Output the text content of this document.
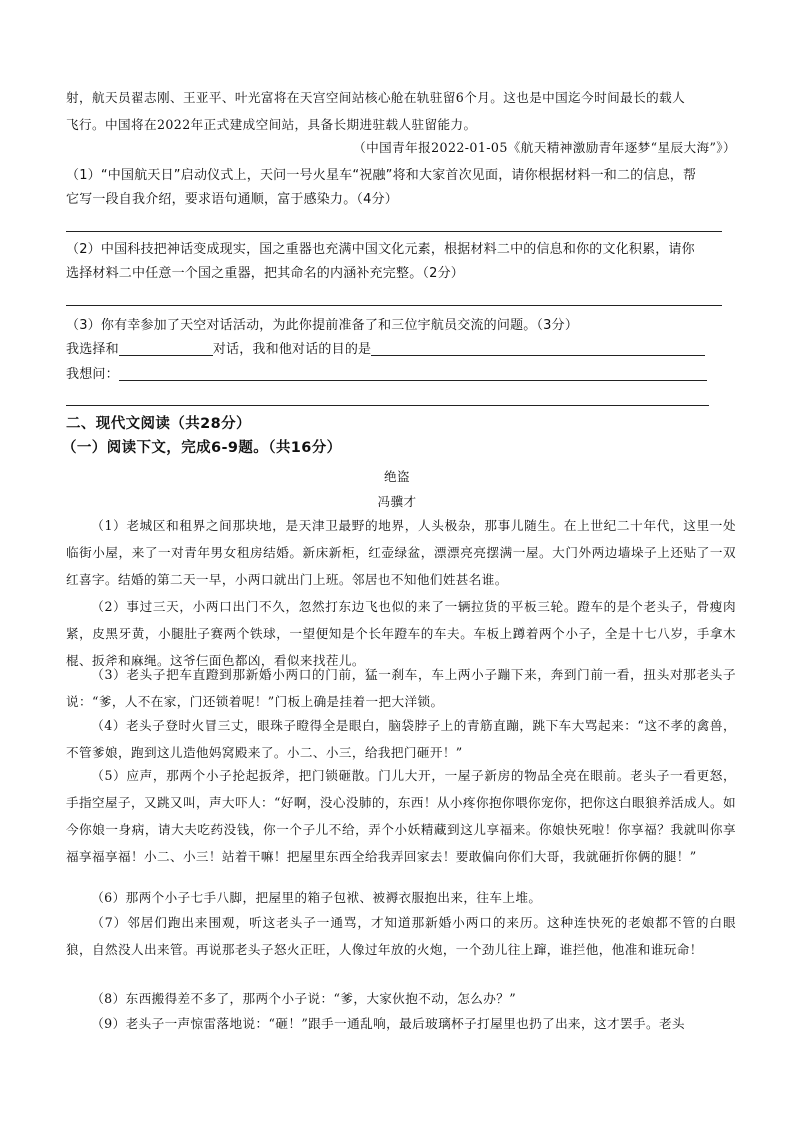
射，航天员翟志刚、王亚平、叶光富将在天宫空间站核心舱在轨驻留6个月。这也是中国迄今时间最长的载人

飞行。中国将在2022年正式建成空间站，具备长期进驻载人驻留能力。

（中国青年报2022-01-05《航天精神激励青年逐梦“星辰大海”》）

（1）“中国航天日”启动仪式上，天问一号火星车“祝融”将和大家首次见面，请你根据材料一和二的信息，帮

它写一段自我介绍，要求语句通顺，富于感染力。（4分）

（2）中国科技把神话变成现实，国之重器也充满中国文化元素，根据材料二中的信息和你的文化积累，请你

选择材料二中任意一个国之重器，把其命名的内涵补充完整。（2分）

（3）你有幸参加了天空对话活动，为此你提前准备了和三位宇航员交流的问题。（3分）

我选择和	对话，我和他对话的目的是

我想问：

二、现代文阅读（共28分）

（一）阅读下文，完成6-9题。（共16分）

绝盗

冯骥才

（1）老城区和租界之间那块地，是天津卫最野的地界，人头极杂，那事儿随生。在上世纪二十年代，这里一处临街小屋，来了一对青年男女租房结婚。新床新柜，红壶绿盆，漂漂亮亮摆满一屋。大门外两边墙垛子上还贴了一双红喜字。结婚的第二天一早，小两口就出门上班。邻居也不知他们姓甚名谁。

（2）事过三天，小两口出门不久，忽然打东边飞也似的来了一辆拉货的平板三轮。蹬车的是个老头子，骨瘦肉紧，皮黑牙黄，小腿肚子赛两个铁球，一望便知是个长年蹬车的车夫。车板上蹲着两个小子，全是十七八岁，手拿木棍、扳斧和麻绳。这爷仨面色都凶，看似来找茬儿。

（3）老头子把车直蹬到那新婚小两口的门前，猛一刹车，车上两小子蹦下来，奔到门前一看，扭头对那老头子说：“爹，人不在家，门还锁着呢！”门板上确是挂着一把大洋锁。

（4）老头子登时火冒三丈，眼珠子瞪得全是眼白，脑袋脖子上的青筋直蹦，跳下车大骂起来：“这不孝的禽兽，不管爹娘，跑到这儿造他妈窝殿来了。小二、小三，给我把门砸开！”

（5）应声，那两个小子抡起扳斧，把门锁砸散。门儿大开，一屋子新房的物品全亮在眼前。老头子一看更怒，手指空屋子，又跳又叫，声大吓人：“好啊，没心没肺的，东西！从小疼你抱你喂你宠你，把你这白眼狼养活成人。如今你娘一身病，请大夫吃药没钱，你一个子儿不给，弄个小妖精藏到这儿享福来。你娘快死啦！你享福？我就叫你享福享福享福！小二、小三！站着干嘛！把屋里东西全给我弄回家去！要敢偏向你们大哥，我就砸折你俩的腿！”

（6）那两个小子七手八脚，把屋里的箱子包袱、被褥衣服抱出来，往车上堆。

（7）邻居们跑出来围观，听这老头子一通骂，才知道那新婚小两口的来历。这种连快死的老娘都不管的白眼狼，自然没人出来管。再说那老头子怒火正旺，人像过年放的火炮，一个劲儿往上蹿，谁拦他，他准和谁玩命！

（8）东西搬得差不多了，那两个小子说：“爹，大家伙抱不动，怎么办？”

（9）老头子一声惊雷落地说：“砸！”跟手一通乱响，最后玻璃杯子打屋里也扔了出来，这才罢手。老头
